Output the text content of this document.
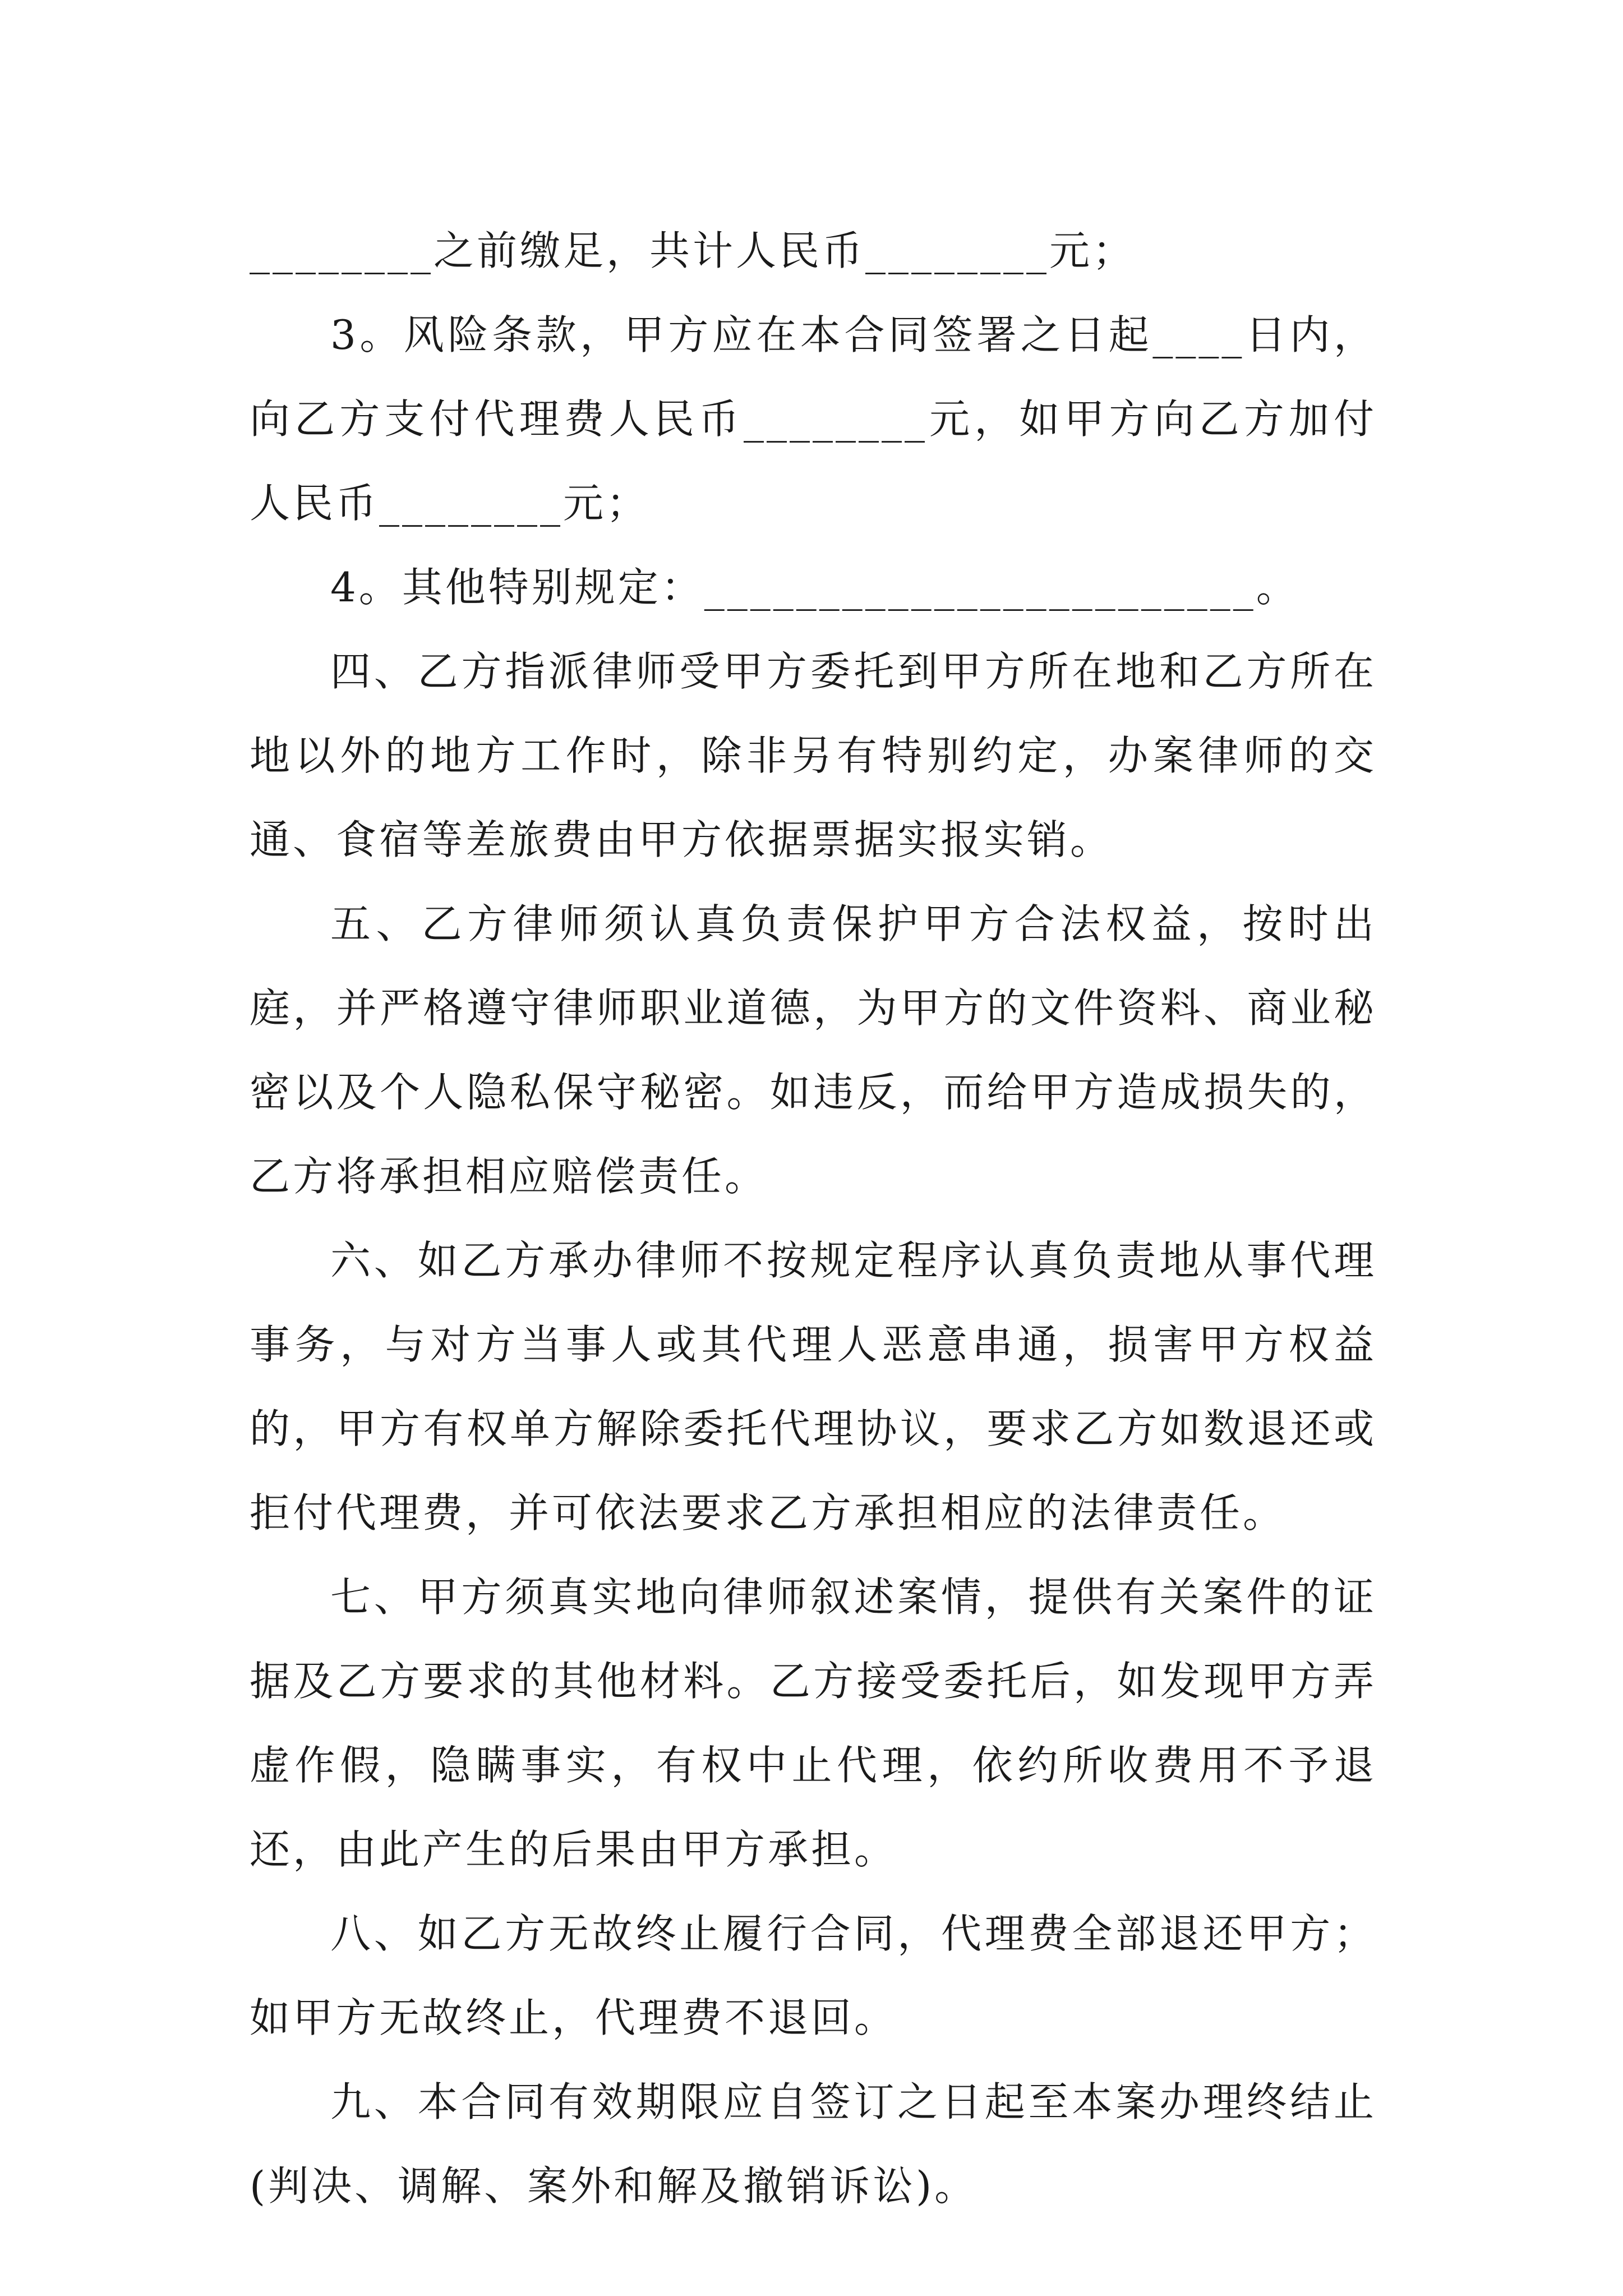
________之前缴足，共计人民币________元；

3。风险条款，甲方应在本合同签署之日起____日内，向乙方支付代理费人民币________元，如甲方向乙方加付人民币________元；

4。其他特别规定：________________________。

四、乙方指派律师受甲方委托到甲方所在地和乙方所在地以外的地方工作时，除非另有特别约定，办案律师的交通、食宿等差旅费由甲方依据票据实报实销。

五、乙方律师须认真负责保护甲方合法权益，按时出庭，并严格遵守律师职业道德，为甲方的文件资料、商业秘密以及个人隐私保守秘密。如违反，而给甲方造成损失的，乙方将承担相应赔偿责任。

六、如乙方承办律师不按规定程序认真负责地从事代理事务，与对方当事人或其代理人恶意串通，损害甲方权益的，甲方有权单方解除委托代理协议，要求乙方如数退还或拒付代理费，并可依法要求乙方承担相应的法律责任。

七、甲方须真实地向律师叙述案情，提供有关案件的证据及乙方要求的其他材料。乙方接受委托后，如发现甲方弄虚作假，隐瞒事实，有权中止代理，依约所收费用不予退还，由此产生的后果由甲方承担。

八、如乙方无故终止履行合同，代理费全部退还甲方；如甲方无故终止，代理费不退回。

九、本合同有效期限应自签订之日起至本案办理终结止(判决、调解、案外和解及撤销诉讼)。
